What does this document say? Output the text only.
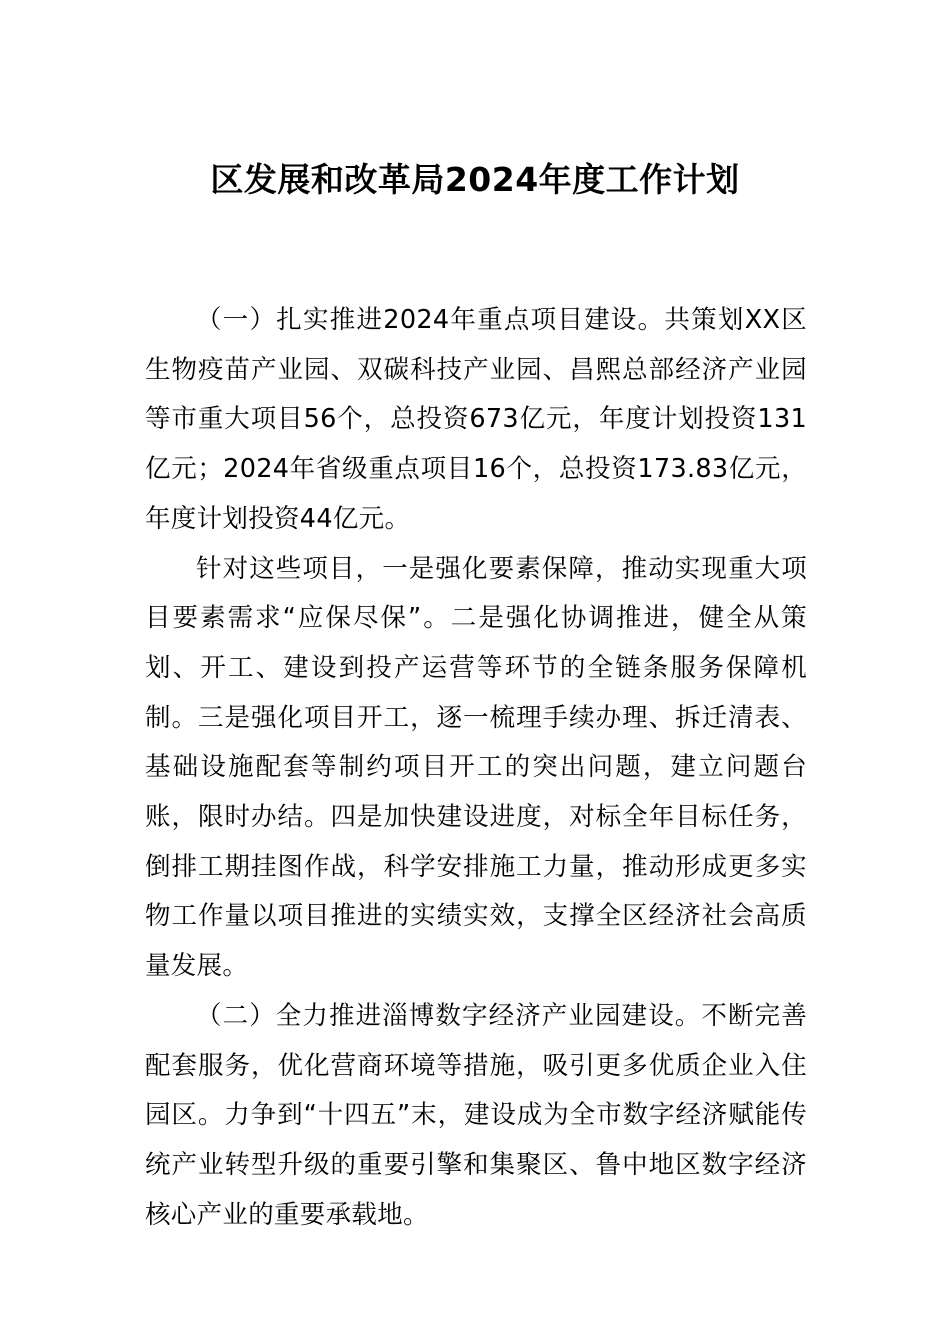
区发展和改革局2024年度工作计划

（一）扎实推进2024年重点项目建设。共策划XX区生物疫苗产业园、双碳科技产业园、昌熙总部经济产业园等市重大项目56个，总投资673亿元，年度计划投资131亿元；2024年省级重点项目16个，总投资173.83亿元，年度计划投资44亿元。

针对这些项目，一是强化要素保障，推动实现重大项目要素需求“应保尽保”。二是强化协调推进，健全从策划、开工、建设到投产运营等环节的全链条服务保障机制。三是强化项目开工，逐一梳理手续办理、拆迁清表、基础设施配套等制约项目开工的突出问题，建立问题台账，限时办结。四是加快建设进度，对标全年目标任务，倒排工期挂图作战，科学安排施工力量，推动形成更多实物工作量以项目推进的实绩实效，支撑全区经济社会高质量发展。

（二）全力推进淄博数字经济产业园建设。不断完善配套服务，优化营商环境等措施，吸引更多优质企业入住园区。力争到“十四五”末，建设成为全市数字经济赋能传统产业转型升级的重要引擎和集聚区、鲁中地区数字经济核心产业的重要承载地。
